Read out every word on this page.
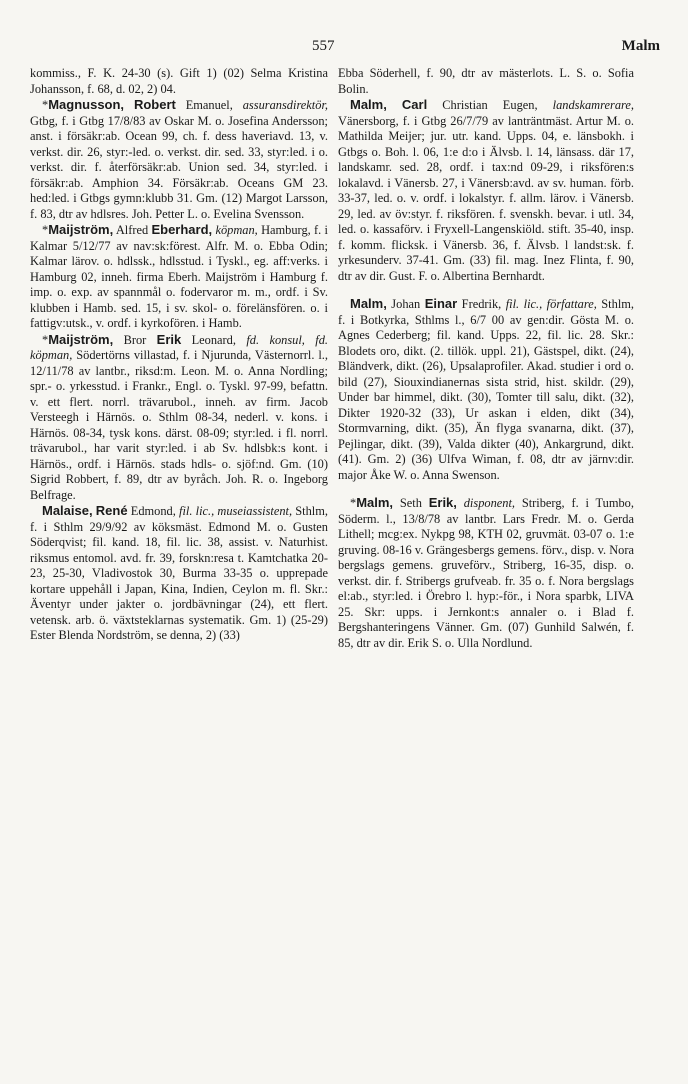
557	Malm

kommiss., F. K. 24-30 (s). Gift 1) (02) Selma Kristina Johansson, f. 68, d. 02, 2) 04.

*Magnusson, Robert Emanuel, assuransdirektör, Gtbg, f. i Gtbg 17/8/83 av Oskar M. o. Josefina Andersson; anst. i försäkr:ab. Ocean 99, ch. f. dess haveriavd. 13, v. verkst. dir. 26, styr:-led. o. verkst. dir. sed. 33, styr:led. i o. verkst. dir. f. återförsäkr:ab. Union sed. 34, styr:led. i försäkr:ab. Amphion 34. Försäkr:ab. Oceans GM 23. hed:led. i Gtbgs gymn:klubb 31. Gm. (12) Margot Larsson, f. 83, dtr av hdlsres. Joh. Petter L. o. Evelina Svensson.

*Maijström, Alfred Eberhard, köpman, Hamburg, f. i Kalmar 5/12/77 av nav:sk:förest. Alfr. M. o. Ebba Odin; Kalmar lärov. o. hdlssk., hdlsstud. i Tyskl., eg. aff:verks. i Hamburg 02, inneh. firma Eberh. Maijström i Hamburg f. imp. o. exp. av spannmål o. fodervaror m. m., ordf. i Sv. klubben i Hamb. sed. 15, i sv. skol- o. förelänsfören. o. i fattigv:utsk., v. ordf. i kyrkofören. i Hamb.

*Maijström, Bror Erik Leonard, fd. konsul, fd. köpman, Södertörns villastad, f. i Njurunda, Västernorrl. l., 12/11/78 av lantbr., riksd:m. Leon. M. o. Anna Nordling; spr.- o. yrkesstud. i Frankr., Engl. o. Tyskl. 97-99, befattn. v. ett flert. norrl. trävarubol., inneh. av firm. Jacob Versteegh i Härnös. o. Sthlm 08-34, nederl. v. kons. i Härnös. 08-34, tysk kons. därst. 08-09; styr:led. i fl. norrl. trävarubol., har varit styr:led. i ab Sv. hdlsbk:s kont. i Härnös., ordf. i Härnös. stads hdls- o. sjöf:nd. Gm. (10) Sigrid Robbert, f. 89, dtr av byråch. Joh. R. o. Ingeborg Belfrage.

Malaise, René Edmond, fil. lic., museiassistent, Sthlm, f. i Sthlm 29/9/92 av köksmäst. Edmond M. o. Gusten Söderqvist; fil. kand. 18, fil. lic. 38, assist. v. Naturhist. riksmus entomol. avd. fr. 39, forskn:resa t. Kamtchatka 20-23, 25-30, Vladivostok 30, Burma 33-35 o. upprepade kortare uppehåll i Japan, Kina, Indien, Ceylon m. fl. Skr.: Äventyr under jakter o. jordbävningar (24), ett flert. vetensk. arb. ö. växtsteklarnas systematik. Gm. 1) (25-29) Ester Blenda Nordström, se denna, 2) (33)

Ebba Söderhell, f. 90, dtr av mästerlots. L. S. o. Sofia Bolin.

Malm, Carl Christian Eugen, landskamrerare, Vänersborg, f. i Gtbg 26/7/79 av lanträntmäst. Artur M. o. Mathilda Meijer; jur. utr. kand. Upps. 04, e. länsbokh. i Gtbgs o. Boh. l. 06, 1:e d:o i Älvsb. l. 14, länsass. där 17, landskamr. sed. 28, ordf. i tax:nd 09-29, i riksfören:s lokalavd. i Vänersb. 27, i Vänersb:avd. av sv. human. förb. 33-37, led. o. v. ordf. i lokalstyr. f. allm. lärov. i Vänersb. 29, led. av öv:styr. f. riksfören. f. svenskh. bevar. i utl. 34, led. o. kassaförv. i Fryxell-Langenskiöld. stift. 35-40, insp. f. komm. flicksk. i Vänersb. 36, f. Älvsb. l landst:sk. f. yrkesunderv. 37-41. Gm. (33) fil. mag. Inez Flinta, f. 90, dtr av dir. Gust. F. o. Albertina Bernhardt.

Malm, Johan Einar Fredrik, fil. lic., författare, Sthlm, f. i Botkyrka, Sthlms l., 6/7 00 av gen:dir. Gösta M. o. Agnes Cederberg; fil. kand. Upps. 22, fil. lic. 28. Skr.: Blodets oro, dikt. (2. tillök. uppl. 21), Gästspel, dikt. (24), Bländverk, dikt. (26), Upsalaprofiler. Akad. studier i ord o. bild (27), Siouxindianernas sista strid, hist. skildr. (29), Under bar himmel, dikt. (30), Tomter till salu, dikt. (32), Dikter 1920-32 (33), Ur askan i elden, dikt (34), Stormvarning, dikt. (35), Än flyga svanarna, dikt. (37), Pejlingar, dikt. (39), Valda dikter (40), Ankargrund, dikt. (41). Gm. 2) (36) Ulfva Wiman, f. 08, dtr av järnv:dir. major Åke W. o. Anna Swenson.

*Malm, Seth Erik, disponent, Striberg, f. i Tumbo, Söderm. l., 13/8/78 av lantbr. Lars Fredr. M. o. Gerda Lithell; mcg:ex. Nykpg 98, KTH 02, gruvmät. 03-07 o. 1:e gruving. 08-16 v. Grängesbergs gemens. förv., disp. v. Nora bergslags gemens. gruveförv., Striberg, 16-35, disp. o. verkst. dir. f. Stribergs grufveab. fr. 35 o. f. Nora bergslags el:ab., styr:led. i Örebro l. hyp:-för., i Nora sparbk, LIVA 25. Skr: upps. i Jernkont:s annaler o. i Blad f. Bergshanteringens Vänner. Gm. (07) Gunhild Salwén, f. 85, dtr av dir. Erik S. o. Ulla Nordlund.
